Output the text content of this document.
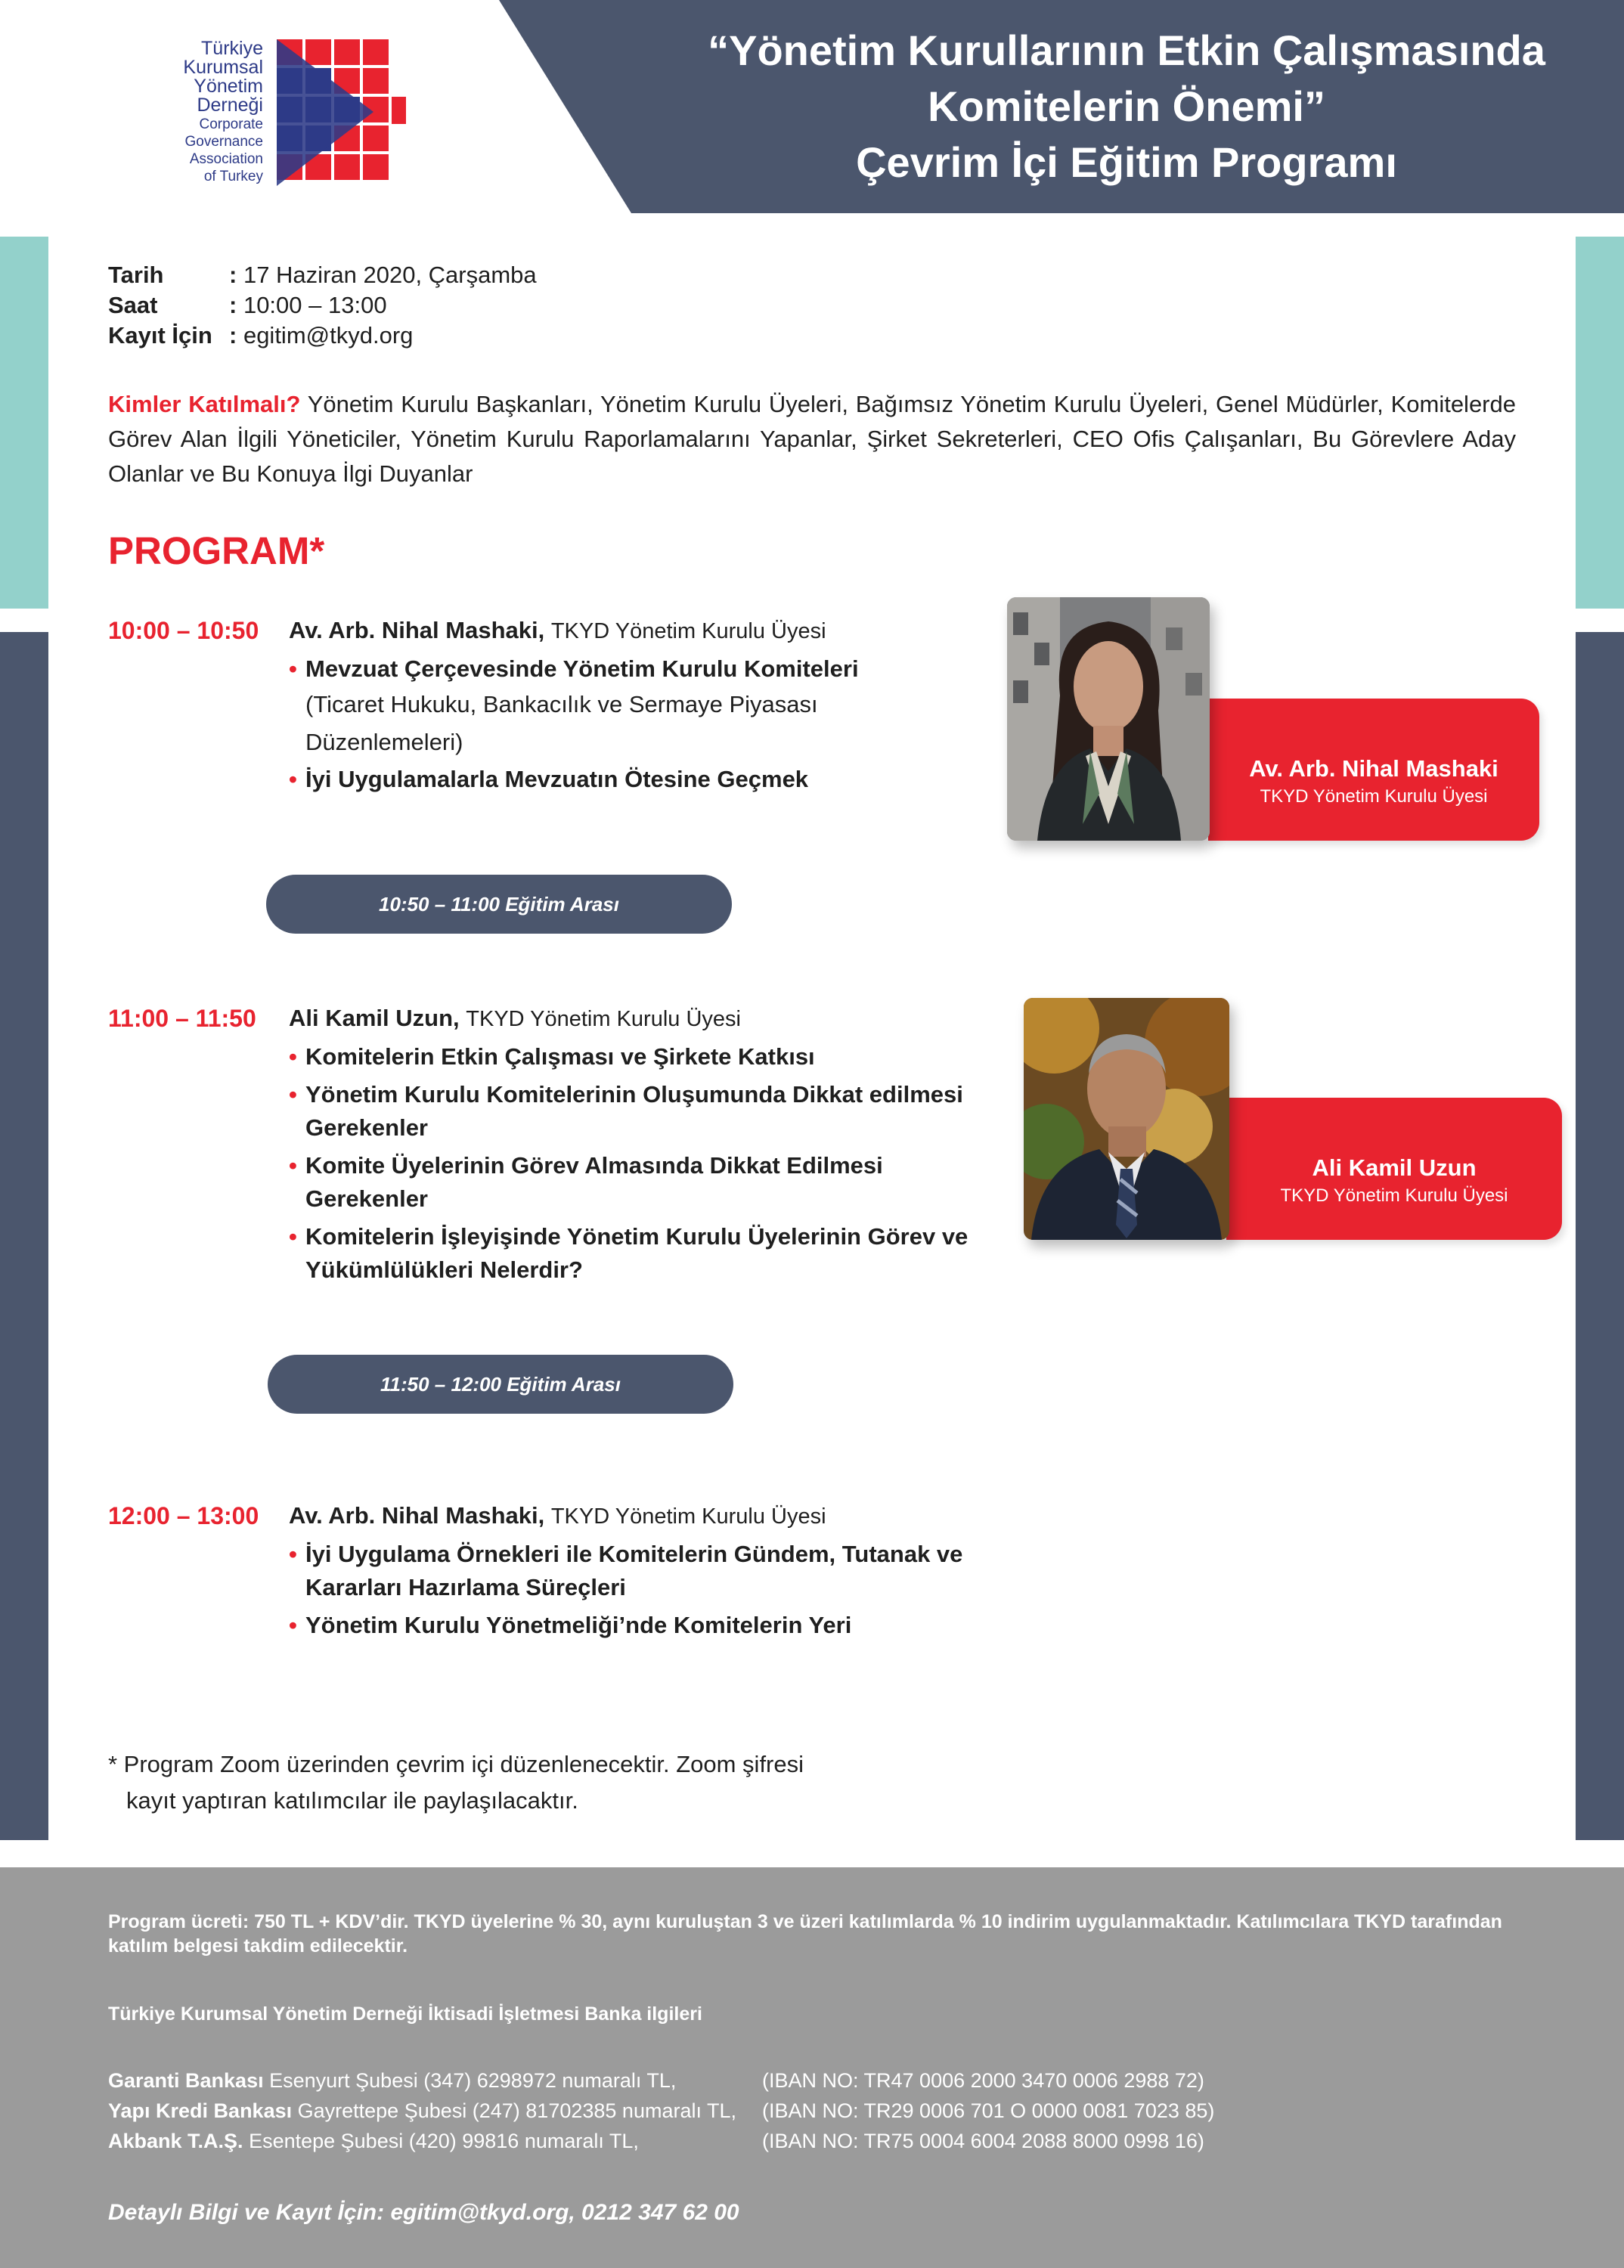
“Yönetim Kurullarının Etkin Çalışmasında
Komitelerin Önemi”
Çevrim İçi Eğitim Programı
Türkiye
Kurumsal
Yönetim
Derneği
Corporate
Governance
Association
of Turkey
Tarih	: 17 Haziran 2020, Çarşamba
Saat	: 10:00 – 13:00
Kayıt İçin : egitim@tkyd.org
Kimler Katılmalı? Yönetim Kurulu Başkanları, Yönetim Kurulu Üyeleri, Bağımsız Yönetim Kurulu Üyeleri, Genel Müdürler, Komitelerde Görev Alan İlgili Yöneticiler, Yönetim Kurulu Raporlamalarını Yapanlar, Şirket Sekreterleri, CEO Ofis Çalışanları, Bu Görevlere Aday Olanlar ve Bu Konuya İlgi Duyanlar
PROGRAM*
10:00 – 10:50 Av. Arb. Nihal Mashaki, TKYD Yönetim Kurulu Üyesi
• Mevzuat Çerçevesinde Yönetim Kurulu Komiteleri
(Ticaret Hukuku, Bankacılık ve Sermaye Piyasası
Düzenlemeleri)
• İyi Uygulamalarla Mevzuatın Ötesine Geçmek	Av. Arb. Nihal Mashaki
TKYD Yönetim Kurulu Üyesi
10:50 – 11:00 Eğitim Arası
11:00 – 11:50 Ali Kamil Uzun, TKYD Yönetim Kurulu Üyesi
• Komitelerin Etkin Çalışması ve Şirkete Katkısı
• Yönetim Kurulu Komitelerinin Oluşumunda Dikkat edilmesi Gerekenler
• Komite Üyelerinin Görev Almasında Dikkat Edilmesi Gerekenler
• Komitelerin İşleyişinde Yönetim Kurulu Üyelerinin Görev ve Yükümlülükleri Nelerdir?
Ali Kamil Uzun
TKYD Yönetim Kurulu Üyesi
11:50 – 12:00 Eğitim Arası
12:00 – 13:00 Av. Arb. Nihal Mashaki, TKYD Yönetim Kurulu Üyesi
• İyi Uygulama Örnekleri ile Komitelerin Gündem, Tutanak ve Kararları Hazırlama Süreçleri
• Yönetim Kurulu Yönetmeliği’nde Komitelerin Yeri
* Program Zoom üzerinden çevrim içi düzenlenecektir. Zoom şifresi
kayıt yaptıran katılımcılar ile paylaşılacaktır.
Program ücreti: 750 TL + KDV’dir. TKYD üyelerine % 30, aynı kuruluştan 3 ve üzeri katılımlarda % 10 indirim uygulanmaktadır. Katılımcılara TKYD tarafından katılım belgesi takdim edilecektir.
Türkiye Kurumsal Yönetim Derneği İktisadi İşletmesi Banka ilgileri
Garanti Bankası Esenyurt Şubesi (347) 6298972 numaralı TL,	(IBAN NO: TR47 0006 2000 3470 0006 2988 72)
Yapı Kredi Bankası Gayrettepe Şubesi (247) 81702385 numaralı TL, (IBAN NO: TR29 0006 701 O 0000 0081 7023 85)
Akbank T.A.Ş. Esentepe Şubesi (420) 99816 numaralı TL,	(IBAN NO: TR75 0004 6004 2088 8000 0998 16)
Detaylı Bilgi ve Kayıt İçin: egitim@tkyd.org, 0212 347 62 00
